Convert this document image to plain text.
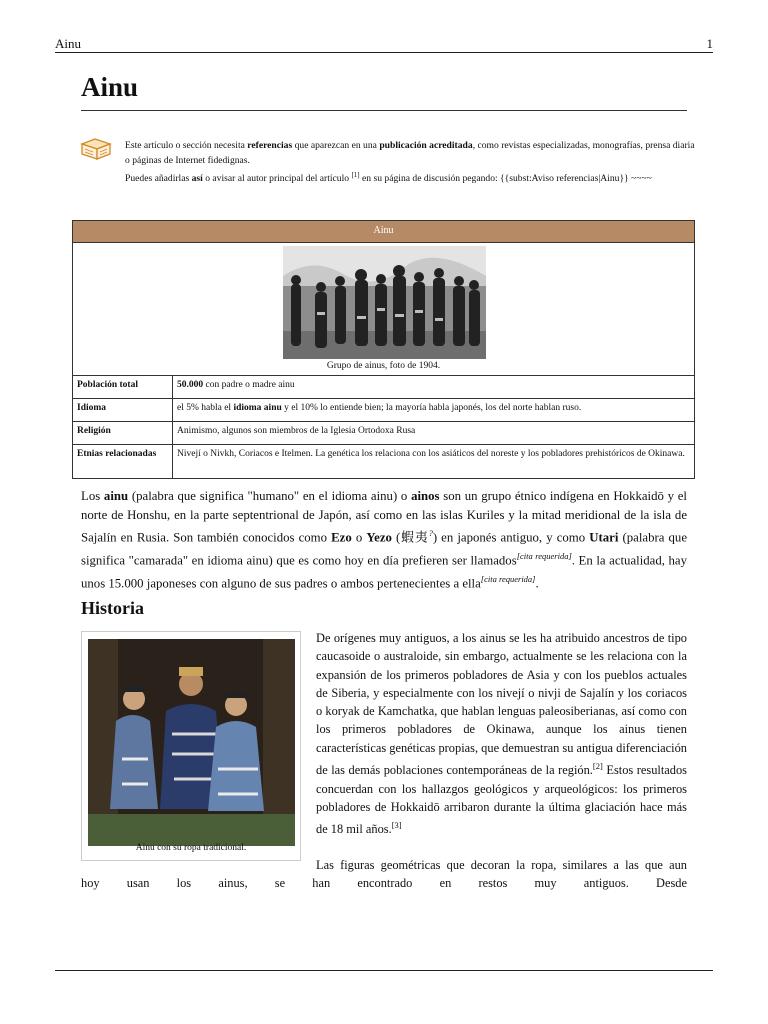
Ainu	1
Ainu
Este artículo o sección necesita referencias que aparezcan en una publicación acreditada, como revistas especializadas, monografías, prensa diaria o páginas de Internet fidedignas.
Puedes añadirlas así o avisar al autor principal del artículo [1] en su página de discusión pegando: {{subst:Aviso referencias|Ainu}} ~~~~
Ainu
Grupo de ainus, foto de 1904.
Población total	50.000 con padre o madre ainu
Idioma	el 5% habla el idioma ainu y el 10% lo entiende bien; la mayoría habla japonés, los del norte hablan ruso.
Religión	Animismo, algunos son miembros de la Iglesia Ortodoxa Rusa
Etnias relacionadas	Nivejí o Nivkh, Coriacos e Itelmen. La genética los relaciona con los asiáticos del noreste y los pobladores prehistóricos de Okinawa.
Los ainu (palabra que significa "humano" en el idioma ainu) o ainos son un grupo étnico indígena en Hokkaidō y el norte de Honshu, en la parte septentrional de Japón, así como en las islas Kuriles y la mitad meridional de la isla de Sajalín en Rusia. Son también conocidos como Ezo o Yezo (蝦夷?) en japonés antiguo, y como Utari (palabra que significa "camarada" en idioma ainu) que es como hoy en día prefieren ser llamados[cita requerida]. En la actualidad, hay unos 15.000 japoneses con alguno de sus padres o ambos pertenecientes a ella[cita requerida].
Historia
Ainu con su ropa tradicional.
De orígenes muy antiguos, a los ainus se les ha atribuido ancestros de tipo caucasoide o australoide, sin embargo, actualmente se les relaciona con la expansión de los primeros pobladores de Asia y con los pueblos actuales de Siberia, y especialmente con los nivejí o nivji de Sajalín y los coriacos o koryak de Kamchatka, que hablan lenguas paleosiberianas, así como con los primeros pobladores de Okinawa, aunque los ainus tienen características genéticas propias, que demuestran su antigua diferenciación de las demás poblaciones contemporáneas de la región.[2] Estos resultados concuerdan con los hallazgos geológicos y arqueológicos: los primeros pobladores de Hokkaidō arribaron durante la última glaciación hace más de 18 mil años.[3]
Las figuras geométricas que decoran la ropa, similares a las que aun
hoy usan los ainus, se han encontrado en restos muy antiguos. Desde
